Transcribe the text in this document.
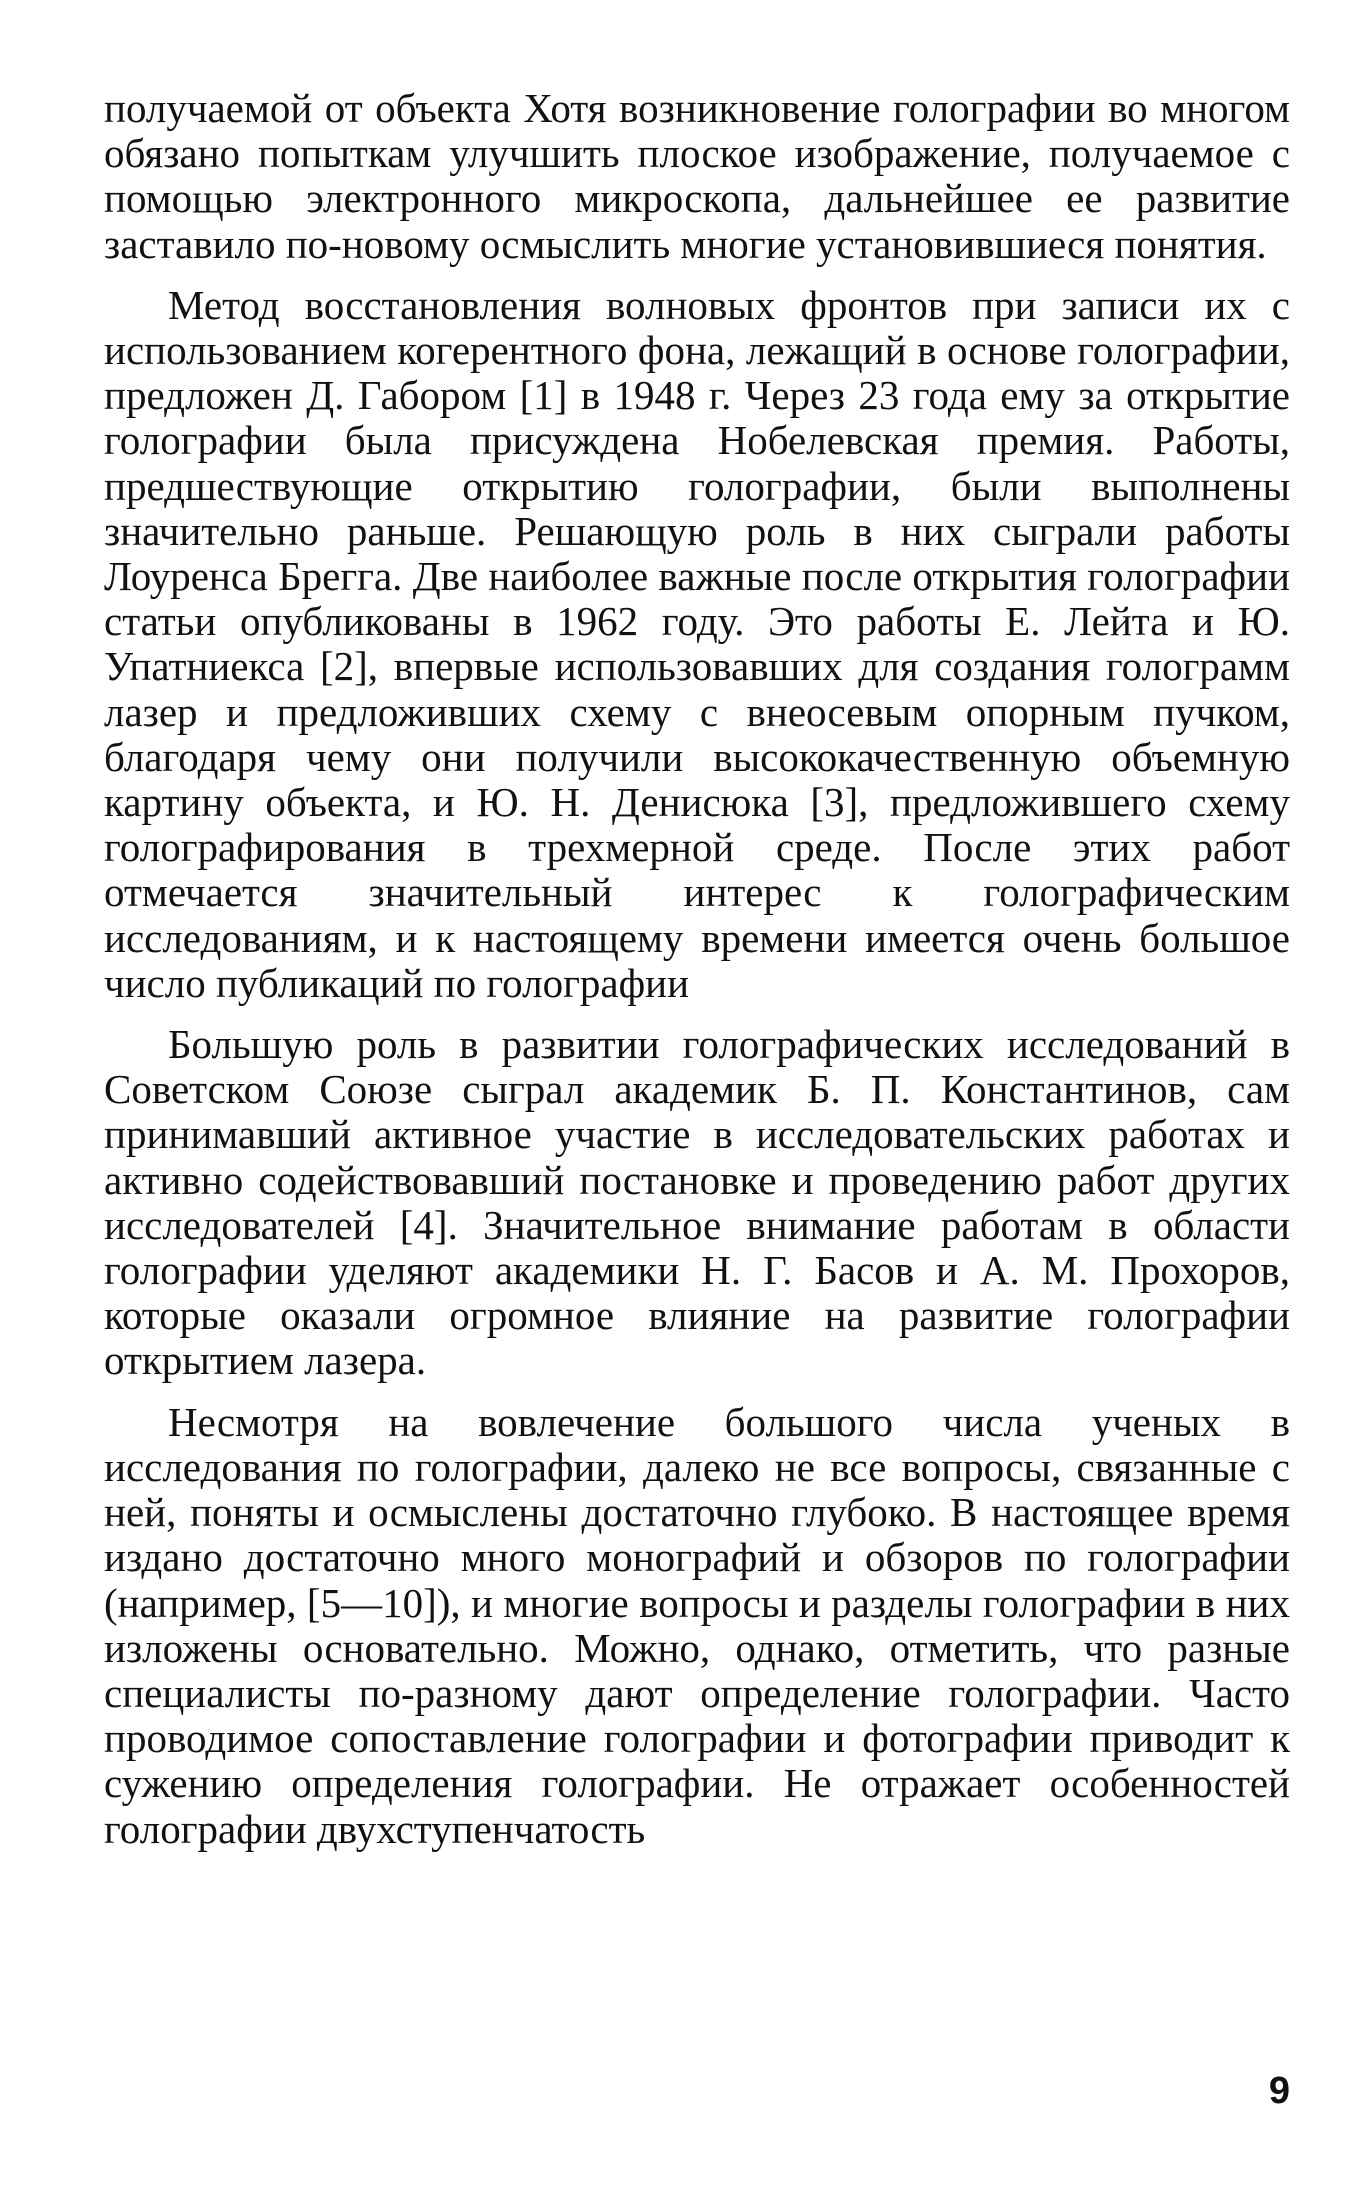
получаемой от объекта Хотя возникновение голографии во многом обязано попыткам улучшить плоское изображение, получаемое с помощью электронного микроскопа, дальнейшее ее развитие заставило по-новому осмыслить многие установившиеся понятия.

Метод восстановления волновых фронтов при записи их с использованием когерентного фона, лежащий в основе голографии, предложен Д. Габором [1] в 1948 г. Через 23 года ему за открытие голографии была присуждена Нобелевская премия. Работы, предшествующие открытию голографии, были выполнены значительно раньше. Решающую роль в них сыграли работы Лоуренса Брегга. Две наиболее важные после открытия голографии статьи опубликованы в 1962 году. Это работы Е. Лейта и Ю. Упатниекса [2], впервые использовавших для создания голограмм лазер и предложивших схему с внеосевым опорным пучком, благодаря чему они получили высококачественную объемную картину объекта, и Ю. Н. Денисюка [3], предложившего схему голографирования в трехмерной среде. После этих работ отмечается значительный интерес к голографическим исследованиям, и к настоящему времени имеется очень большое число публикаций по голографии

Большую роль в развитии голографических исследований в Советском Союзе сыграл академик Б. П. Константинов, сам принимавший активное участие в исследовательских работах и активно содействовавший постановке и проведению работ других исследователей [4]. Значительное внимание работам в области голографии уделяют академики Н. Г. Басов и А. М. Прохоров, которые оказали огромное влияние на развитие голографии открытием лазера.

Несмотря на вовлечение большого числа ученых в исследования по голографии, далеко не все вопросы, связанные с ней, поняты и осмыслены достаточно глубоко. В настоящее время издано достаточно много монографий и обзоров по голографии (например, [5—10]), и многие вопросы и разделы голографии в них изложены основательно. Можно, однако, отметить, что разные специалисты по-разному дают определение голографии. Часто проводимое сопоставление голографии и фотографии приводит к сужению определения голографии. Не отражает особенностей голографии двухступенчатость

9
